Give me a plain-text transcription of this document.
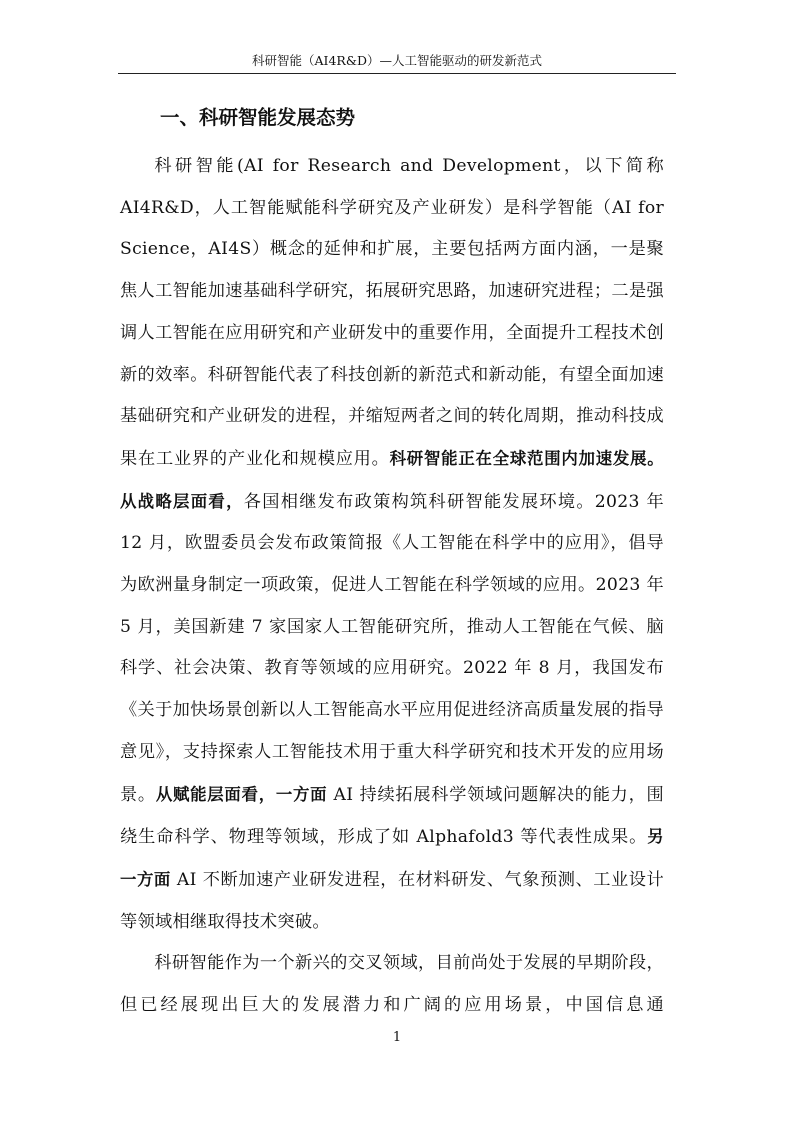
科研智能（AI4R&D）—人工智能驱动的研发新范式
一、科研智能发展态势

科研智能(AI for Research and Development，以下简称 AI4R&D，人工智能赋能科学研究及产业研发）是科学智能（AI for Science，AI4S）概念的延伸和扩展，主要包括两方面内涵，一是聚焦人工智能加速基础科学研究，拓展研究思路，加速研究进程；二是强调人工智能在应用研究和产业研发中的重要作用，全面提升工程技术创新的效率。科研智能代表了科技创新的新范式和新动能，有望全面加速基础研究和产业研发的进程，并缩短两者之间的转化周期，推动科技成果在工业界的产业化和规模应用。科研智能正在全球范围内加速发展。从战略层面看，各国相继发布政策构筑科研智能发展环境。2023 年 12 月，欧盟委员会发布政策简报《人工智能在科学中的应用》，倡导为欧洲量身制定一项政策，促进人工智能在科学领域的应用。2023 年 5 月，美国新建 7 家国家人工智能研究所，推动人工智能在气候、脑科学、社会决策、教育等领域的应用研究。2022 年 8 月，我国发布《关于加快场景创新以人工智能高水平应用促进经济高质量发展的指导意见》，支持探索人工智能技术用于重大科学研究和技术开发的应用场景。从赋能层面看，一方面 AI 持续拓展科学领域问题解决的能力，围绕生命科学、物理等领域，形成了如 Alphafold3 等代表性成果。另一方面 AI 不断加速产业研发进程，在材料研发、气象预测、工业设计等领域相继取得技术突破。

科研智能作为一个新兴的交叉领域，目前尚处于发展的早期阶段，但已经展现出巨大的发展潜力和广阔的应用场景，中国信息通

1
